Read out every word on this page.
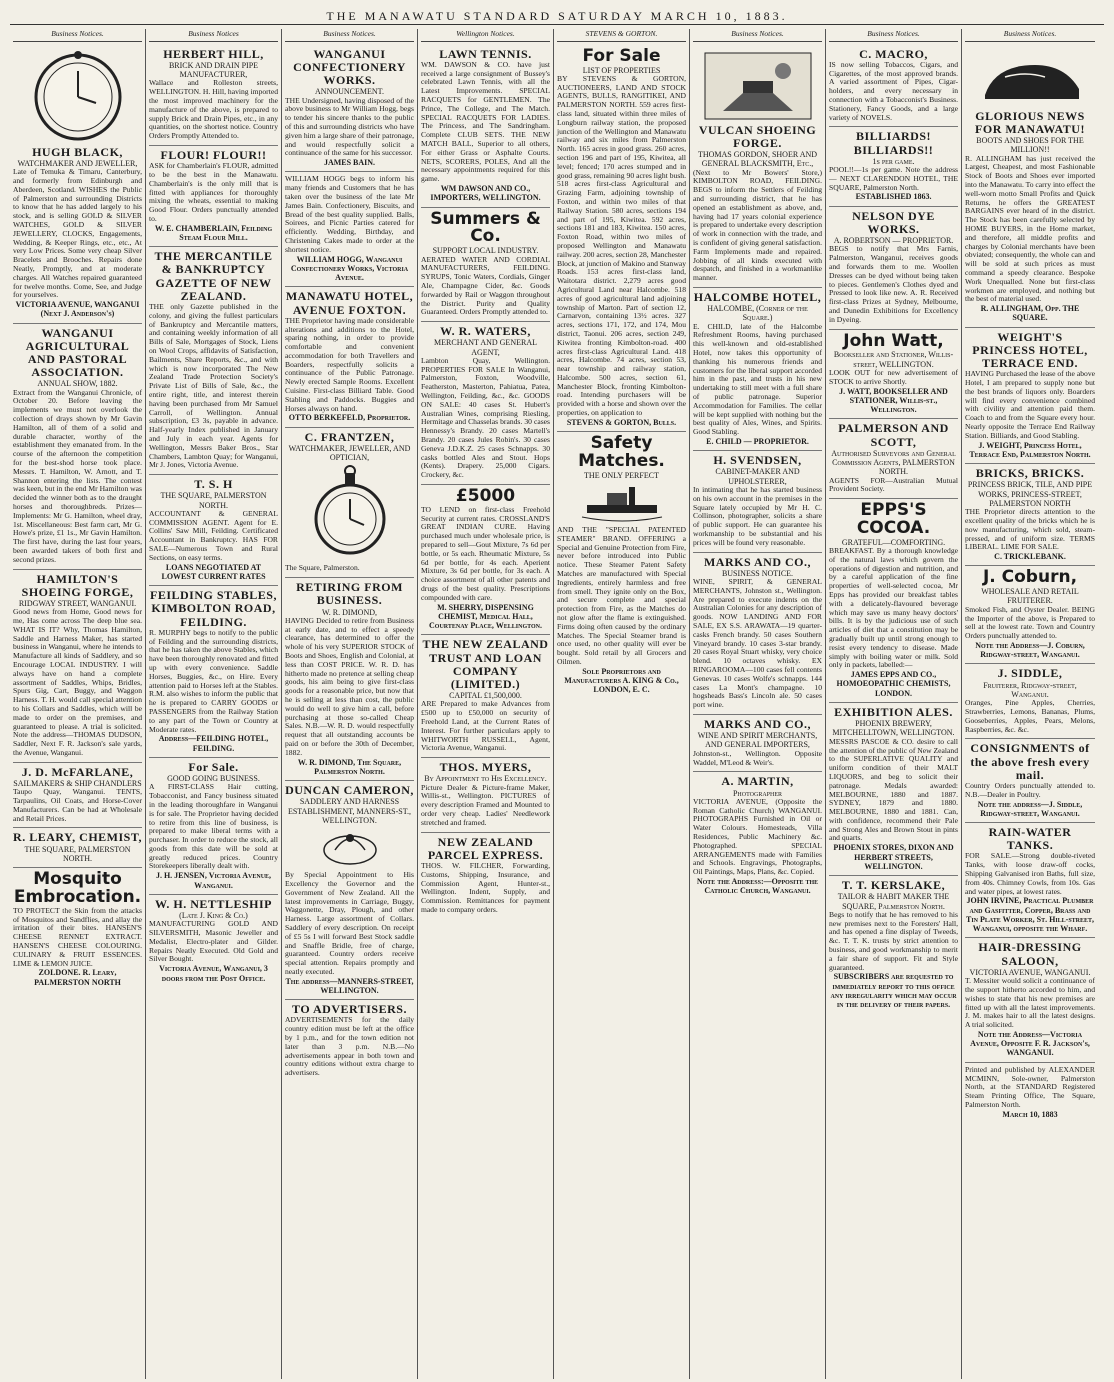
THE MANAWATU STANDARD SATURDAY MARCH 10, 1883.
Business Notices.
HUGH BLACK,
WATCHMAKER AND JEWELLER,
Late of Temuka & Timaru, Canterbury, and formerly from Edinburgh and Aberdeen, Scotland. WISHES the Public of Palmerston and surrounding Districts to know that he has added largely to his stock, and is selling GOLD & SILVER WATCHES, GOLD & SILVER JEWELLERY, CLOCKS, Engagements, Wedding, & Keeper Rings, etc., etc., At very Low Prices. Some very cheap Silver Bracelets and Brooches. Repairs done Neatly, Promptly, and at moderate charges. All Watches repaired guaranteed for twelve months. Come, See, and Judge for yourselves.
VICTORIA AVENUE, WANGANUI (Next J. Anderson's)
WANGANUI AGRICULTURAL AND PASTORAL ASSOCIATION.
ANNUAL SHOW, 1882.
Extract from the Wanganui Chronicle, of October 20. Before leaving the implements we must not overlook the collection of drays shown by Mr Gavin Hamilton, all of them of a solid and durable character, worthy of the establishment they emanated from. In the course of the afternoon the competition for the best-shod horse took place. Messrs. T. Hamilton, W. Arnott, and T. Shannon entering the lists. The contest was keen, but in the end Mr Hamilton was decided the winner both as to the draught horses and thoroughbreds. Prizes—Implements: Mr G. Hamilton, wheel dray, 1st. Miscellaneous: Best farm cart, Mr G. Howe's prize, £1 1s., Mr Gavin Hamilton. The first have, during the last four years, been awarded takers of both first and second prizes.
HAMILTON'S SHOEING FORGE,
RIDGWAY STREET, WANGANUI.
Good news from Home, Good news for me, Has come across The deep blue sea. WHAT IS IT? Why, Thomas Hamilton, Saddle and Harness Maker, has started business in Wanganui, where he intends to Manufacture all kinds of Saddlery, and so Encourage LOCAL INDUSTRY. I will always have on hand a complete assortment of Saddles, Whips, Bridles, Spurs Gig, Cart, Buggy, and Waggon Harness. T. H. would call special attention to his Collars and Saddles, which will be made to order on the premises, and guaranteed to please. A trial is solicited. Note the address—THOMAS DUDSON, Saddler, Next F. R. Jackson's sale yards, the Avenue, Wanganui.
J. D. McFARLANE,
SAILMAKERS & SHIP CHANDLERS
Taupo Quay, Wanganui. TENTS, Tarpaulins, Oil Coats, and Horse-Cover Manufacturers. Can be had at Wholesale and Retail Prices.
R. LEARY, CHEMIST,
THE SQUARE, PALMERSTON NORTH.
Mosquito Embrocation.
TO PROTECT the Skin from the attacks of Mosquitos and Sandflies, and allay the irritation of their bites. HANSEN'S CHEESE RENNET EXTRACT. HANSEN'S CHEESE COLOURING. CULINARY & FRUIT ESSENCES. LIME & LEMON JUICE.
ZOLDONE. R. Leary, PALMERSTON NORTH
Business Notices
HERBERT HILL,
BRICK AND DRAIN PIPE MANUFACTURER,
Wallace and Rolleston streets, WELLINGTON. H. Hill, having imported the most improved machinery for the manufacture of the above, is prepared to supply Brick and Drain Pipes, etc., in any quantities, on the shortest notice. Country Orders Promptly Attended to.
FLOUR! FLOUR!!
ASK for Chamberlain's FLOUR, admitted to be the best in the Manawatu. Chamberlain's is the only mill that is fitted with appliances for thoroughly mixing the wheats, essential to making Good Flour. Orders punctually attended to.
W. E. CHAMBERLAIN, Feilding Steam Flour Mill.
THE MERCANTILE & BANKRUPTCY GAZETTE OF NEW ZEALAND.
THE only Gazette published in the colony, and giving the fullest particulars of Bankruptcy and Mercantile matters, and containing weekly information of all Bills of Sale, Mortgages of Stock, Liens on Wool Crops, affidavits of Satisfaction, Bailments, Share Reports, &c., and with which is now incorporated The New Zealand Trade Protection Society's Private List of Bills of Sale, &c., the entire right, title, and interest therein having been purchased from Mr Samuel Carroll, of Wellington. Annual subscription, £3 3s, payable in advance. Half-yearly Index published in January and July in each year. Agents for Wellington, Messrs Baker Bros., Star Chambers, Lambton Quay; for Wanganui, Mr J. Jones, Victoria Avenue.
T. S. H
THE SQUARE, PALMERSTON NORTH.
ACCOUNTANT & GENERAL COMMISSION AGENT. Agent for E. Collins' Saw Mill, Feilding. Certificated Accountant in Bankruptcy. HAS FOR SALE—Numerous Town and Rural Sections, on easy terms.
LOANS NEGOTIATED AT LOWEST CURRENT RATES
FEILDING STABLES, KIMBOLTON ROAD, FEILDING.
R. MURPHY begs to notify to the public of Feilding and the surrounding districts, that he has taken the above Stables, which have been thoroughly renovated and fitted up with every convenience. Saddle Horses, Buggies, &c., on Hire. Every attention paid to Horses left at the Stables. R.M. also wishes to inform the public that he is prepared to CARRY GOODS or PASSENGERS from the Railway Station to any part of the Town or Country at Moderate rates.
Address—FEILDING HOTEL, FEILDING.
For Sale.
GOOD GOING BUSINESS.
A FIRST-CLASS Hair cutting, Tobacconist, and Fancy business situated in the leading thoroughfare in Wanganui is for sale. The Proprietor having decided to retire from this line of business, is prepared to make liberal terms with a purchaser. In order to reduce the stock, all goods from this date will be sold at greatly reduced prices. Country Storekeepers liberally dealt with.
J. H. JENSEN, Victoria Avenue, Wanganui.
W. H. NETTLESHIP
(Late J. King & Co.)
MANUFACTURING GOLD AND SILVERSMITH, Masonic Jeweller and Medalist, Electro-plater and Gilder. Repairs Neatly Executed. Old Gold and Silver Bought.
Victoria Avenue, Wanganui, 3 doors from the Post Office.
Business Notices.
WANGANUI CONFECTIONERY WORKS.
ANNOUNCEMENT.
THE Undersigned, having disposed of the above business to Mr William Hogg, begs to tender his sincere thanks to the public of this and surrounding districts who have given him a large share of their patronage, and would respectfully solicit a continuance of the same for his successor.
JAMES BAIN.
WILLIAM HOGG begs to inform his many friends and Customers that he has taken over the business of the late Mr James Bain. Confectionery, Biscuits, and Bread of the best quality supplied. Balls, Soirees, and Picnic Parties catered for efficiently. Wedding, Birthday, and Christening Cakes made to order at the shortest notice.
WILLIAM HOGG, Wanganui Confectionery Works, Victoria Avenue.
MANAWATU HOTEL, AVENUE FOXTON.
THE Proprietor having made considerable alterations and additions to the Hotel, sparing nothing, in order to provide comfortable and convenient accommodation for both Travellers and Boarders, respectfully solicits a continuance of the Public Patronage. Newly erected Sample Rooms. Excellent Cuisine. First-class Billiard Table. Good Stabling and Paddocks. Buggies and Horses always on hand.
OTTO BERKEFELD, Proprietor.
C. FRANTZEN,
WATCHMAKER, JEWELLER, AND OPTICIAN,
The Square, Palmerston.
RETIRING FROM BUSINESS.
W. R. DIMOND,
HAVING Decided to retire from Business at early date, and to effect a speedy clearance, has determined to offer the whole of his very SUPERIOR STOCK of Boots and Shoes, English and Colonial, at less than COST PRICE. W. R. D. has hitherto made no pretence at selling cheap goods, his aim being to give first-class goods for a reasonable price, but now that he is selling at less than cost, the public would do well to give him a call, before purchasing at those so-called Cheap Sales. N.B.—W. R. D. would respectfully request that all outstanding accounts be paid on or before the 30th of December, 1882.
W. R. DIMOND, The Square, Palmerston North.
DUNCAN CAMERON,
SADDLERY AND HARNESS ESTABLISHMENT, MANNERS-ST., WELLINGTON.
By Special Appointment to His Excellency the Governor and the Government of New Zealand. All the latest improvements in Carriage, Buggy, Waggonette, Dray, Plough, and other Harness. Large assortment of Collars. Saddlery of every description. On receipt of £5 5s I will forward Best Stock saddle and Snaffle Bridle, free of charge, guaranteed. Country orders receive special attention. Repairs promptly and neatly executed.
The address—MANNERS-STREET, WELLINGTON.
TO ADVERTISERS.
ADVERTISEMENTS for the daily country edition must be left at the office by 1 p.m., and for the town edition not later than 3 p.m. N.B.—No advertisements appear in both town and country editions without extra charge to advertisers.
Wellington Notices.
LAWN TENNIS.
WM. DAWSON & CO. have just received a large consignment of Bussey's celebrated Lawn Tennis, with all the Latest Improvements. SPECIAL RACQUETS for GENTLEMEN. The Prince, The College, and The Match. SPECIAL RACQUETS FOR LADIES. The Princess, and The Sandringham. Complete CLUB SETS. THE NEW MATCH BALL, Superior to all others, For either Grass or Asphalte Courts. NETS, SCORERS, POLES, And all the necessary appointments required for this game.
WM DAWSON AND CO., IMPORTERS, WELLINGTON.
Summers & Co.
SUPPORT LOCAL INDUSTRY.
AERATED WATER AND CORDIAL MANUFACTURERS, FEILDING. SYRUPS, Tonic Waters, Cordials, Ginger Ale, Champagne Cider, &c. Goods forwarded by Rail or Waggon throughout the District. Purity and Quality Guaranteed. Orders Promptly attended to.
W. R. WATERS,
MERCHANT AND GENERAL AGENT,
Lambton Quay, Wellington. PROPERTIES FOR SALE In Wanganui, Palmerston, Foxton, Woodville, Featherston, Masterton, Pahiatua, Patea, Wellington, Feilding, &c., &c. GOODS ON SALE: 40 cases St. Hubert's Australian Wines, comprising Riesling, Hermitage and Chasselas brands. 30 cases Hennessy's Brandy. 20 cases Martell's Brandy. 20 cases Jules Robin's. 30 cases Geneva J.D.K.Z. 25 cases Schnapps. 30 casks bottled Ales and Stout. Hops (Kents). Drapery. 25,000 Cigars. Crockery, &c.
£5000
TO LEND on first-class Freehold Security at current rates. CROSSLAND'S GREAT INDIAN CURE. Having purchased much under wholesale price, is prepared to sell—Gout Mixture, 7s 6d per bottle, or 5s each. Rheumatic Mixture, 5s 6d per bottle, for 4s each. Aperient Mixture, 3s 6d per bottle, for 3s each. A choice assortment of all other patents and drugs of the best quality. Prescriptions compounded with care.
M. SHERRY, DISPENSING CHEMIST, Medical Hall, Courtenay Place, Wellington.
THE NEW ZEALAND TRUST AND LOAN COMPANY (LIMITED.)
CAPITAL £1,500,000.
ARE Prepared to make Advances from £500 up to £50,000 on security of Freehold Land, at the Current Rates of Interest. For further particulars apply to WHITWORTH RUSSELL, Agent, Victoria Avenue, Wanganui.
THOS. MYERS,
By Appointment to His Excellency.
Picture Dealer & Picture-frame Maker, Willis-st., Wellington. PICTURES of every description Framed and Mounted to order very cheap. Ladies' Needlework stretched and framed.
NEW ZEALAND PARCEL EXPRESS.
THOS. W. FILCHER, Forwarding, Customs, Shipping, Insurance, and Commission Agent, Hunter-st., Wellington. Indent, Supply, and Commission. Remittances for payment made to company orders.
STEVENS & GORTON.
For Sale
LIST OF PROPERTIES
BY STEVENS & GORTON, AUCTIONEERS, LAND AND STOCK AGENTS, BULLS, RANGITIKEI, AND PALMERSTON NORTH. 559 acres first-class land, situated within three miles of Longburn railway station, the proposed junction of the Wellington and Manawatu railway and six miles from Palmerston North. 165 acres in good grass. 260 acres, section 196 and part of 195, Kiwitea, all level; fenced; 170 acres stumped and in good grass, remaining 90 acres light bush. 518 acres first-class Agricultural and Grazing Farm, adjoining township of Foxton, and within two miles of that Railway Station. 580 acres, sections 194 and part of 195, Kiwitea. 592 acres, sections 181 and 183, Kiwitea. 150 acres, Foxton Road, within two miles of proposed Wellington and Manawatu railway. 200 acres, section 28, Manchester Block, at junction of Makino and Stanway Roads. 153 acres first-class land, Waitotara district. 2,279 acres good Agricultural Land near Halcombe. 518 acres of good agricultural land adjoining township of Marton. Part of section 12, Carnarvon, containing 13½ acres. 327 acres, sections 171, 172, and 174, Mou district, Taonui. 206 acres, section 249, Kiwitea fronting Kimbolton-road. 400 acres first-class Agricultural Land. 418 acres, Halcombe. 74 acres, section 53, near township and railway station, Halcombe. 500 acres, section 61, Manchester Block, fronting Kimbolton-road. Intending purchasers will be provided with a horse and shown over the properties, on application to
STEVENS & GORTON, Bulls.
Safety Matches.
THE ONLY PERFECT
AND THE "SPECIAL PATENTED STEAMER" BRAND. OFFERING a Special and Genuine Protection from Fire, never before introduced into Public notice. These Steamer Patent Safety Matches are manufactured with Special Ingredients, entirely harmless and free from smell. They ignite only on the Box, and secure complete and special protection from Fire, as the Matches do not glow after the flame is extinguished. Firms doing often caused by the ordinary Matches. The Special Steamer brand is once used, no other quality will ever be bought. Sold retail by all Grocers and Oilmen.
Sole Proprietors and Manufacturers A. KING & Co., LONDON, E. C.
Business Notices.
VULCAN SHOEING FORGE.
THOMAS GORDON, SHOER AND GENERAL BLACKSMITH, Etc.,
(Next to Mr Bowers' Store,) KIMBOLTON ROAD, FEILDING. BEGS to inform the Settlers of Feilding and surrounding district, that he has opened an establishment as above, and, having had 17 years colonial experience is prepared to undertake every description of work in connection with the trade, and is confident of giving general satisfaction. Farm Implements made and repaired. Jobbing of all kinds executed with despatch, and finished in a workmanlike manner.
HALCOMBE HOTEL,
HALCOMBE, (Corner of the Square.)
E. CHILD, late of the Halcombe Refreshment Rooms, having purchased this well-known and old-established Hotel, now takes this opportunity of thanking his numerous friends and customers for the liberal support accorded him in the past, and trusts in his new undertaking to still meet with a full share of public patronage. Superior Accommodation for Families. The cellar will be kept supplied with nothing but the best quality of Ales, Wines, and Spirits. Good Stabling.
E. CHILD — PROPRIETOR.
H. SVENDSEN,
CABINET-MAKER AND UPHOLSTERER,
In intimating that he has started business on his own account in the premises in the Square lately occupied by Mr H. C. Collinson, photographer, solicits a share of public support. He can guarantee his workmanship to be substantial and his prices will be found very reasonable.
MARKS AND CO.,
BUSINESS NOTICE.
WINE, SPIRIT, & GENERAL MERCHANTS, Johnston st., Wellington. Are prepared to execute indents on the Australian Colonies for any description of goods. NOW LANDING AND FOR SALE, EX S.S. ARAWATA—19 quarter-casks French brandy. 50 cases Southern Vineyard brandy. 10 cases 3-star brandy. 20 cases Royal Stuart whisky, very choice blend. 10 octaves whisky. EX RINGAROOMA—100 cases fell contents Genevas. 10 cases Wolfe's schnapps. 144 cases La Mont's champagne. 10 hogsheads Bass's Lincoln ale. 50 cases port wine.
MARKS AND CO.,
WINE AND SPIRIT MERCHANTS, AND GENERAL IMPORTERS,
Johnston-st., Wellington. Opposite Waddel, M'Leod & Weir's.
A. MARTIN,
Photographer
VICTORIA AVENUE, (Opposite the Roman Catholic Church) WANGANUI. PHOTOGRAPHS Furnished in Oil or Water Colours. Homesteads, Villa Residences, Public Machinery &c. Photographed. SPECIAL ARRANGEMENTS made with Families and Schools. Engravings, Photographs, Oil Paintings, Maps, Plans, &c. Copied.
Note the Address:—Opposite the Catholic Church, Wanganui.
Business Notices.
C. MACRO,
IS now selling Tobaccos, Cigars, and Cigarettes, of the most approved brands. A varied assortment of Pipes, Cigar-holders, and every necessary in connection with a Tobacconist's Business. Stationery, Fancy Goods, and a large variety of NOVELS.
BILLIARDS! BILLIARDS!!
1s per game.
POOL!!—1s per game. Note the address— NEXT CLARENDON HOTEL, THE SQUARE, Palmerston North.
ESTABLISHED 1863.
NELSON DYE WORKS.
A. ROBERTSON — PROPRIETOR.
BEGS to notify that Mrs Farnis, Palmerston, Wanganui, receives goods and forwards them to me. Woollen Dresses can be dyed without being taken to pieces. Gentlemen's Clothes dyed and Pressed to look like new. A. R. Received first-class Prizes at Sydney, Melbourne, and Dunedin Exhibitions for Excellency in Dyeing.
John Watt,
Bookseller and Stationer, Willis-street, WELLINGTON.
LOOK OUT for new advertisement of STOCK to arrive Shortly.
J. WATT, BOOKSELLER AND STATIONER, Willis-st., Wellington.
PALMERSON AND SCOTT,
Authorised Surveyors and General Commission Agents, PALMERSTON NORTH.
AGENTS FOR—Australian Mutual Provident Society.
EPPS'S COCOA.
GRATEFUL—COMFORTING.
BREAKFAST. By a thorough knowledge of the natural laws which govern the operations of digestion and nutrition, and by a careful application of the fine properties of well-selected cocoa, Mr Epps has provided our breakfast tables with a delicately-flavoured beverage which may save us many heavy doctors' bills. It is by the judicious use of such articles of diet that a constitution may be gradually built up until strong enough to resist every tendency to disease. Made simply with boiling water or milk. Sold only in packets, labelled:—
JAMES EPPS AND CO., HOMOEOPATHIC CHEMISTS, LONDON.
EXHIBITION ALES.
PHOENIX BREWERY, MITCHELLTOWN, WELLINGTON.
MESSRS PASCOE & CO. desire to call the attention of the public of New Zealand to the SUPERLATIVE QUALITY and uniform condition of their MALT LIQUORS, and beg to solicit their patronage. Medals awarded: MELBOURNE, 1880 and 1887. SYDNEY, 1879 and 1880. MELBOURNE, 1880 and 1881. Can, with confidence, recommend their Pale and Strong Ales and Brown Stout in pints and quarts.
PHOENIX STORES, DIXON AND HERBERT STREETS, WELLINGTON.
T. T. KERSLAKE,
TAILOR & HABIT MAKER THE SQUARE, Palmerston North.
Begs to notify that he has removed to his new premises next to the Foresters' Hall, and has opened a fine display of Tweeds, &c. T. T. K. trusts by strict attention to business, and good workmanship to merit a fair share of support. Fit and Style guaranteed.
SUBSCRIBERS are requested to immediately report to this office any irregularity which may occur in the delivery of their papers.
Business Notices.
GLORIOUS NEWS FOR MANAWATU!
BOOTS AND SHOES FOR THE MILLION!!
R. ALLINGHAM has just received the Largest, Cheapest, and most Fashionable Stock of Boots and Shoes ever imported into the Manawatu. To carry into effect the well-worn motto Small Profits and Quick Returns, he offers the GREATEST BARGAINS ever heard of in the district. The Stock has been carefully selected by HOME BUYERS, in the Home market, and therefore, all middle profits and charges by Colonial merchants have been obviated; consequently, the whole can and will be sold at such prices as must command a speedy clearance. Bespoke Work Unequalled. None but first-class workmen are employed, and nothing but the best of material used.
R. ALLINGHAM, Opp. THE SQUARE.
WEIGHT'S PRINCESS HOTEL, TERRACE END.
HAVING Purchased the lease of the above Hotel, I am prepared to supply none but the best brands of liquors only. Boarders will find every convenience combined with civility and attention paid them. Coach to and from the Square every hour. Nearly opposite the Terrace End Railway Station. Billiards, and Good Stabling.
J. WEIGHT, Princess Hotel, Terrace End, Palmerston North.
BRICKS, BRICKS.
PRINCESS BRICK, TILE, AND PIPE WORKS, PRINCESS-STREET, PALMERSTON NORTH
THE Proprietor directs attention to the excellent quality of the bricks which he is now manufacturing, which sold, steam-pressed, and of uniform size. TERMS LIBERAL. LIME FOR SALE.
C. TRICKLEBANK.
J. Coburn,
WHOLESALE AND RETAIL FRUITERER.
Smoked Fish, and Oyster Dealer. BEING the Importer of the above, is Prepared to sell at the lowest rate. Town and Country Orders punctually attended to.
Note the Address—J. Coburn, Ridgway-street, Wanganui.
J. SIDDLE,
Fruiterer, Ridgway-street, Wanganui.
Oranges, Pine Apples, Cherries, Strawberries, Lemons, Bananas, Plums, Gooseberries, Apples, Pears, Melons, Raspberries, &c. &c.
CONSIGNMENTS of the above fresh every mail.
Country Orders punctually attended to. N.B.—Dealer in Poultry.
Note the address—J. Siddle, Ridgway-street, Wanganui.
RAIN-WATER TANKS.
FOR SALE.—Strong double-riveted Tanks, with loose draw-off cocks, Shipping Galvanised iron Baths, full size, from 40s. Chimney Cowls, from 10s. Gas and water pipes, at lowest rates.
JOHN IRVINE, Practical Plumber and Gasfitter, Copper, Brass and Tin Plate Worker, St. Hill-street, Wanganui, opposite the Wharf.
HAIR-DRESSING SALOON,
VICTORIA AVENUE, WANGANUI.
T. Messiter would solicit a continuance of the support hitherto accorded to him, and wishes to state that his new premises are fitted up with all the latest improvements. J. M. makes hair to all the latest designs. A trial solicited.
Note the Address—Victoria Avenue, Opposite F. R. Jackson's, WANGANUI.
Printed and published by ALEXANDER MCMINN, Sole-owner, Palmerston North, at the STANDARD Registered Steam Printing Office, The Square, Palmerston North.
March 10, 1883
